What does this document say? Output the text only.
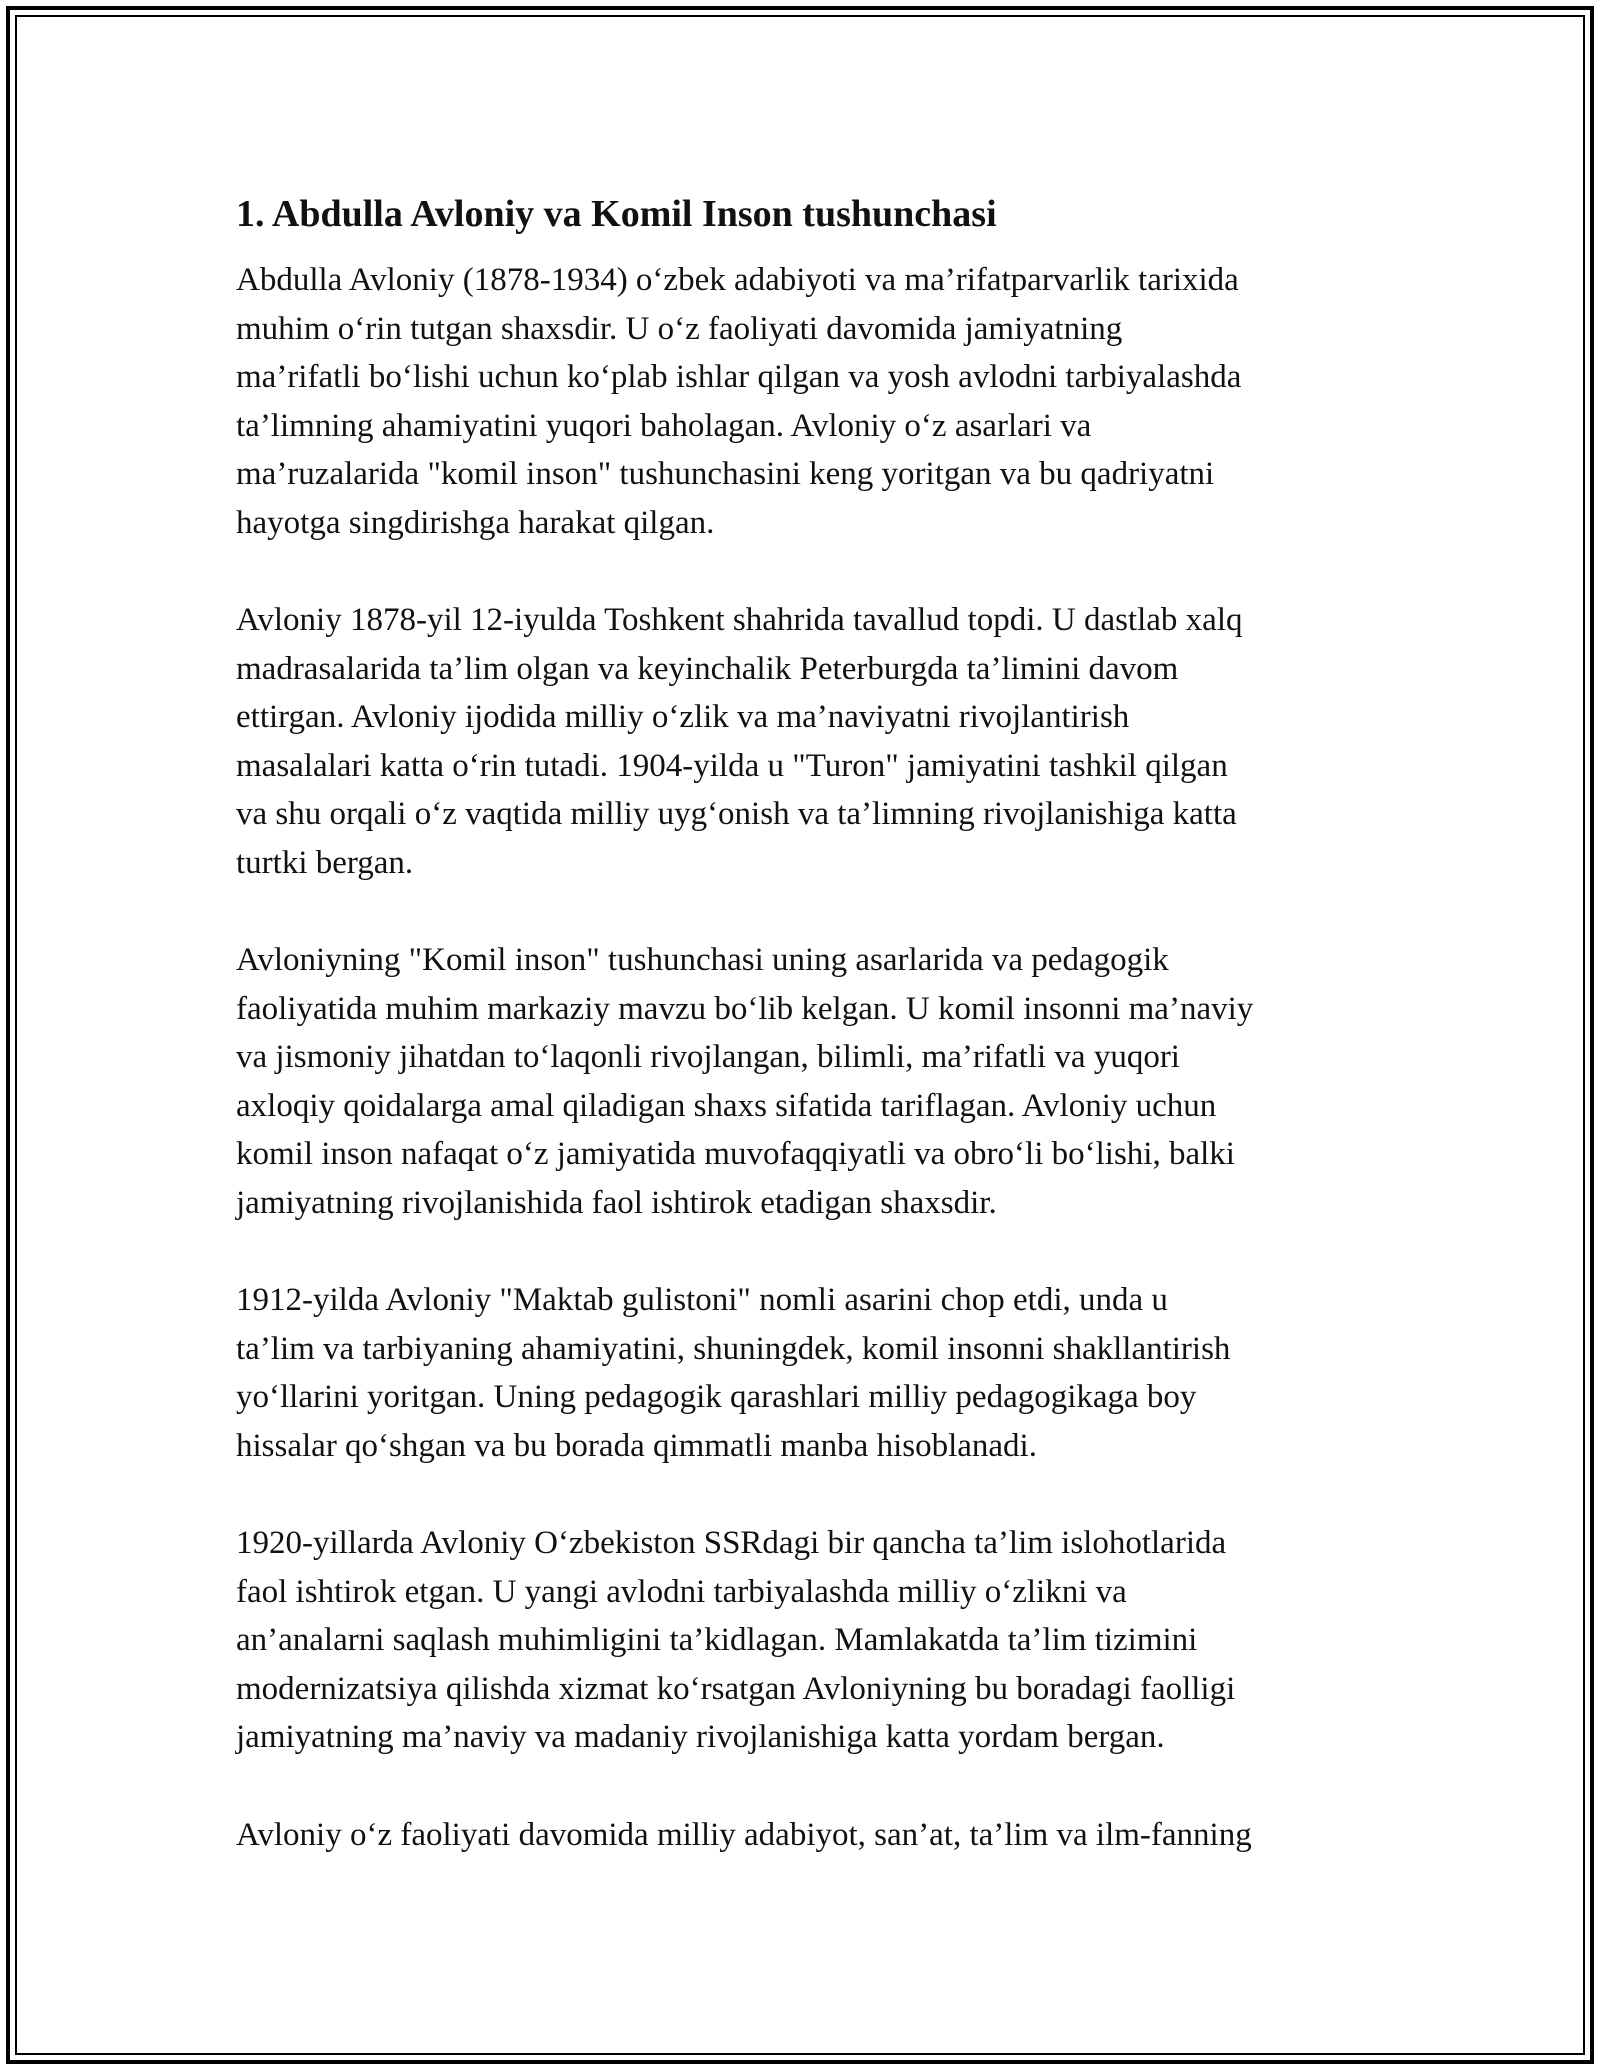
1. Abdulla Avloniy va Komil Inson tushunchasi

Abdulla Avloniy (1878-1934) o‘zbek adabiyoti va ma’rifatparvarlik tarixida
muhim o‘rin tutgan shaxsdir. U o‘z faoliyati davomida jamiyatning
ma’rifatli bo‘lishi uchun ko‘plab ishlar qilgan va yosh avlodni tarbiyalashda
ta’limning ahamiyatini yuqori baholagan. Avloniy o‘z asarlari va
ma’ruzalarida "komil inson" tushunchasini keng yoritgan va bu qadriyatni
hayotga singdirishga harakat qilgan.

Avloniy 1878-yil 12-iyulda Toshkent shahrida tavallud topdi. U dastlab xalq
madrasalarida ta’lim olgan va keyinchalik Peterburgda ta’limini davom
ettirgan. Avloniy ijodida milliy o‘zlik va ma’naviyatni rivojlantirish
masalalari katta o‘rin tutadi. 1904-yilda u "Turon" jamiyatini tashkil qilgan
va shu orqali o‘z vaqtida milliy uyg‘onish va ta’limning rivojlanishiga katta
turtki bergan.

Avloniyning "Komil inson" tushunchasi uning asarlarida va pedagogik
faoliyatida muhim markaziy mavzu bo‘lib kelgan. U komil insonni ma’naviy
va jismoniy jihatdan to‘laqonli rivojlangan, bilimli, ma’rifatli va yuqori
axloqiy qoidalarga amal qiladigan shaxs sifatida tariflagan. Avloniy uchun
komil inson nafaqat o‘z jamiyatida muvofaqqiyatli va obro‘li bo‘lishi, balki
jamiyatning rivojlanishida faol ishtirok etadigan shaxsdir.

1912-yilda Avloniy "Maktab gulistoni" nomli asarini chop etdi, unda u
ta’lim va tarbiyaning ahamiyatini, shuningdek, komil insonni shakllantirish
yo‘llarini yoritgan. Uning pedagogik qarashlari milliy pedagogikaga boy
hissalar qo‘shgan va bu borada qimmatli manba hisoblanadi.

1920-yillarda Avloniy O‘zbekiston SSRdagi bir qancha ta’lim islohotlarida
faol ishtirok etgan. U yangi avlodni tarbiyalashda milliy o‘zlikni va
an’analarni saqlash muhimligini ta’kidlagan. Mamlakatda ta’lim tizimini
modernizatsiya qilishda xizmat ko‘rsatgan Avloniyning bu boradagi faolligi
jamiyatning ma’naviy va madaniy rivojlanishiga katta yordam bergan.

Avloniy o‘z faoliyati davomida milliy adabiyot, san’at, ta’lim va ilm-fanning
